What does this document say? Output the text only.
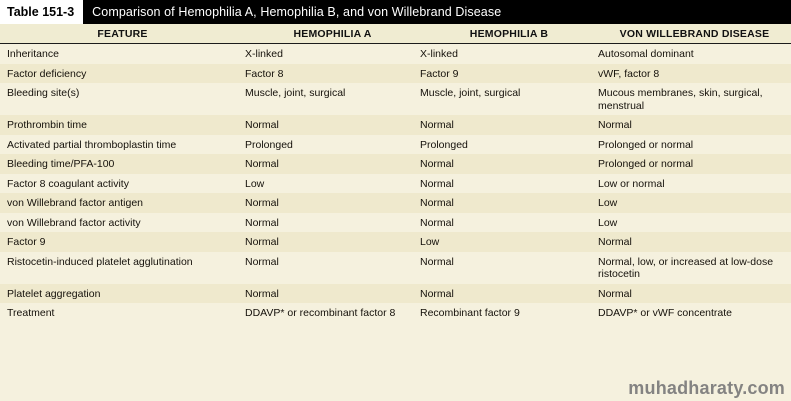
Table 151-3	Comparison of Hemophilia A, Hemophilia B, and von Willebrand Disease
FEATURE	HEMOPHILIA A	HEMOPHILIA B	VON WILLEBRAND DISEASE
Inheritance	X-linked	X-linked	Autosomal dominant
Factor deficiency	Factor 8	Factor 9	vWF, factor 8
Bleeding site(s)	Muscle, joint, surgical	Muscle, joint, surgical	Mucous membranes, skin, surgical, menstrual
Prothrombin time	Normal	Normal	Normal
Activated partial thromboplastin time	Prolonged	Prolonged	Prolonged or normal
Bleeding time/PFA-100	Normal	Normal	Prolonged or normal
Factor 8 coagulant activity	Low	Normal	Low or normal
von Willebrand factor antigen	Normal	Normal	Low
von Willebrand factor activity	Normal	Normal	Low
Factor 9	Normal	Low	Normal
Ristocetin-induced platelet agglutination	Normal	Normal	Normal, low, or increased at low-dose ristocetin
Platelet aggregation	Normal	Normal	Normal
Treatment	DDAVP* or recombinant factor 8	Recombinant factor 9	DDAVP* or vWF concentrate
muhadharaty.com
